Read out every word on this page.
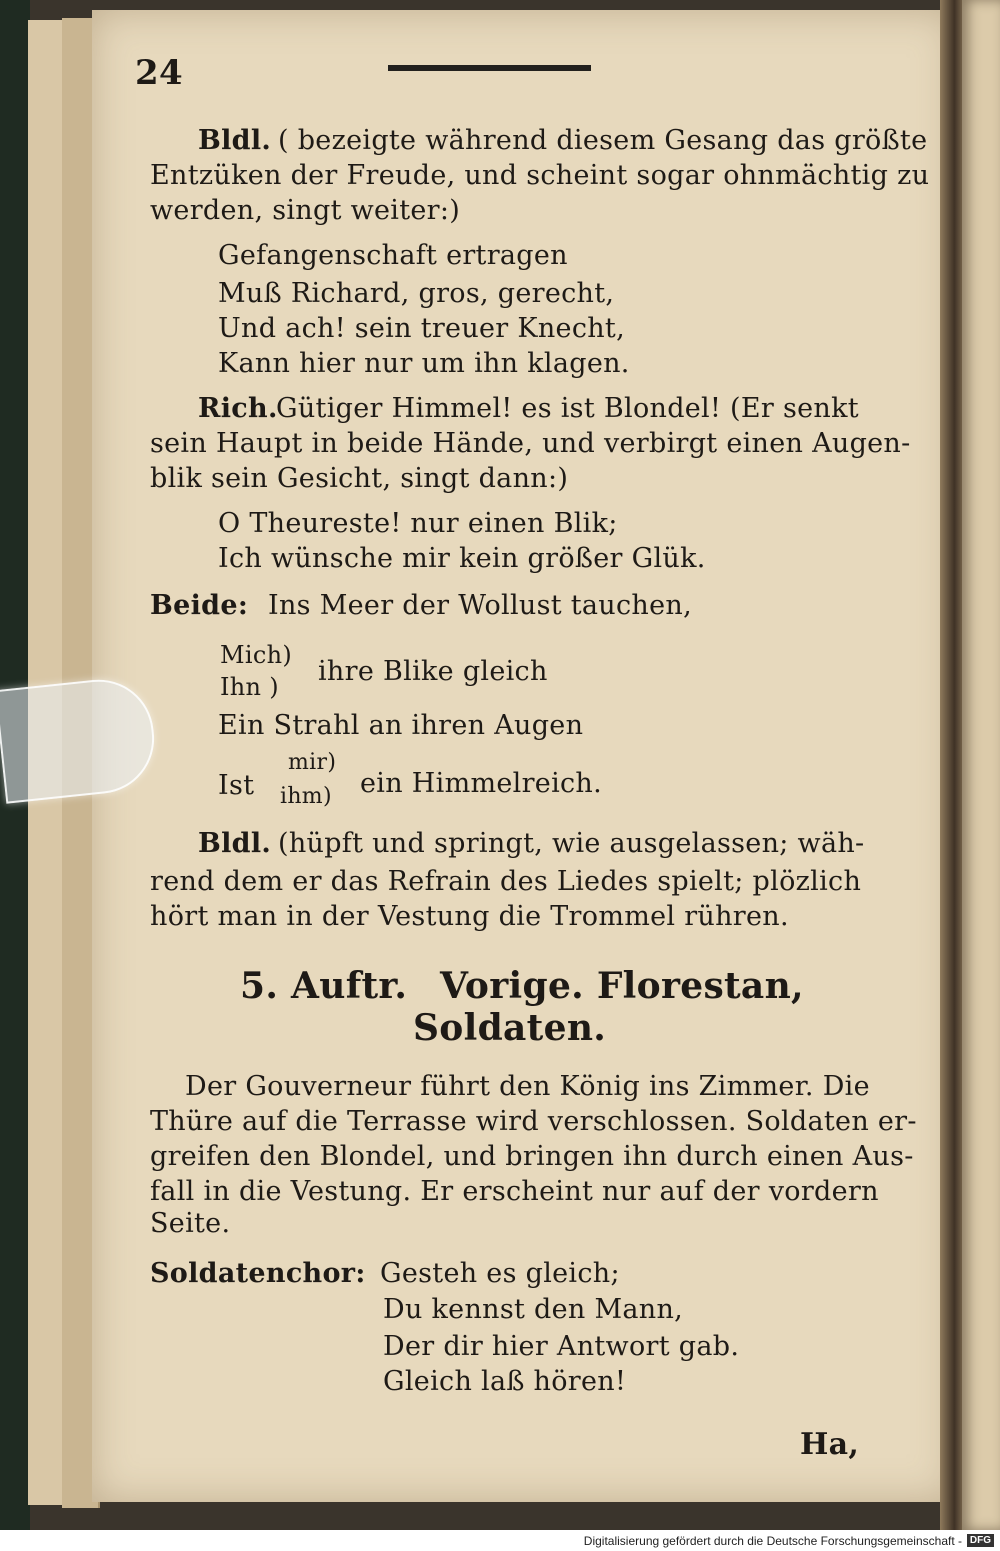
24
Bldl. ( bezeigte während diesem Gesang das größte
Entzüken der Freude, und scheint sogar ohnmächtig zu
werden, singt weiter:)
Gefangenschaft ertragen
Muß Richard, gros, gerecht,
Und ach! sein treuer Knecht,
Kann hier nur um ihn klagen.
Rich.
Gütiger Himmel! es ist Blondel! (Er senkt
sein Haupt in beide Hände, und verbirgt einen Augen-
blik sein Gesicht, singt dann:)
O Theureste! nur einen Blik;
Ich wünsche mir kein größer Glük.
Beide: Ins Meer der Wollust tauchen,
Mich)
Ihn ) ihre Blike gleich
Ein Strahl an ihren Augen
Ist
mir)
ihm) ein Himmelreich.
Bldl. (hüpft und springt, wie ausgelassen; wäh-
rend dem er das Refrain des Liedes spielt; plözlich
hört man in der Vestung die Trommel rühren.
5. Auftr. Vorige. Florestan,
Soldaten.
Der Gouverneur führt den König ins Zimmer. Die
Thüre auf die Terrasse wird verschlossen. Soldaten er-
greifen den Blondel, und bringen ihn durch einen Aus-
fall in die Vestung. Er erscheint nur auf der vordern
Seite.
Soldatenchor: Gesteh es gleich;
Du kennst den Mann,
Der dir hier Antwort gab.
Gleich laß hören!
Ha,
Digitalisierung gefördert durch die Deutsche Forschungsgemeinschaft - DFG
